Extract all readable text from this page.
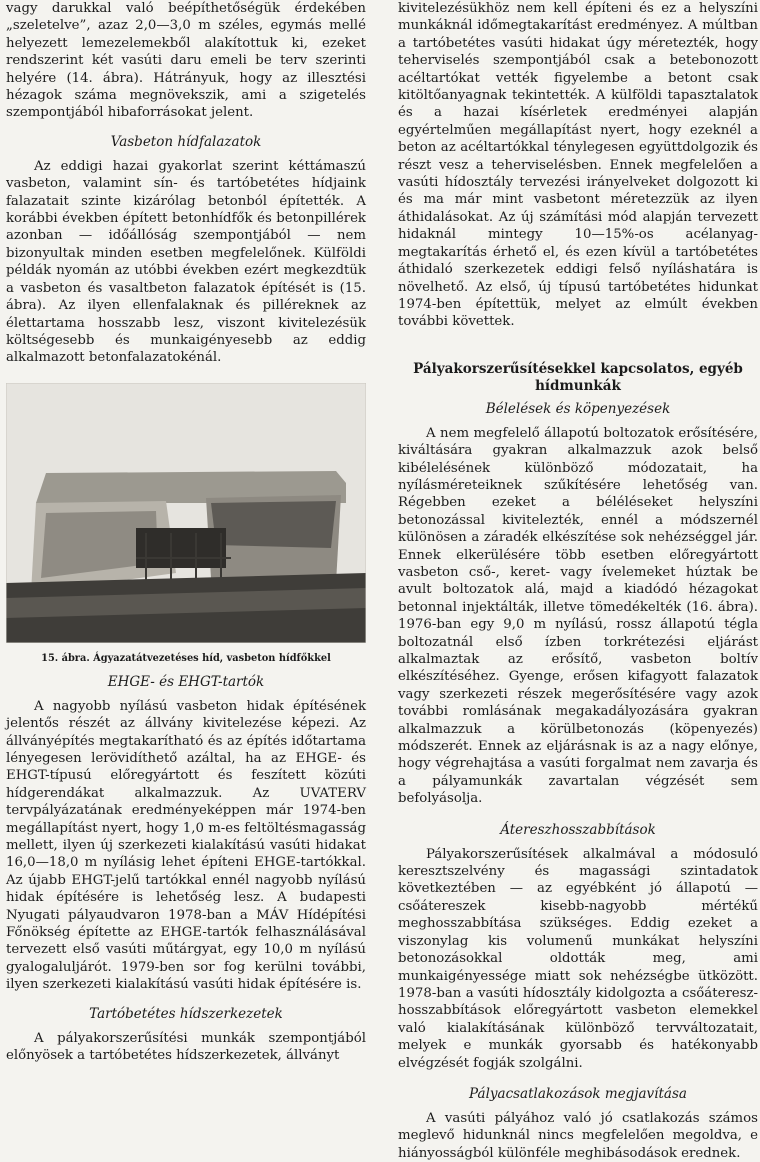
vagy darukkal való beépíthetőségük érdekében „szeletelve”, azaz 2,0—3,0 m széles, egymás mellé helyezett lemezelemekből alakítottuk ki, ezeket rendszerint két vasúti daru emeli be terv szerinti helyére (14. ábra). Hátrányuk, hogy az illesztési hézagok száma megnövekszik, ami a szigetelés szempontjából hibaforrásokat jelent.

Vasbeton hídfalazatok

Az eddigi hazai gyakorlat szerint kéttámaszú vasbeton, valamint sín- és tartóbetétes hídjaink falazatait szinte kizárólag betonból építették. A korábbi években épített betonhídfők és betonpillérek azonban — időállóság szempontjából — nem bizonyultak minden esetben megfelelőnek. Külföldi példák nyomán az utóbbi években ezért megkezdtük a vasbeton és vasaltbeton falazatok építését is (15. ábra). Az ilyen ellenfalaknak és pilléreknek az élettartama hosszabb lesz, viszont kivitelezésük költségesebb és munkaigényesebb az eddig alkalmazott betonfalazatokénál.

15. ábra. Ágyazatátvezetéses híd, vasbeton hídfőkkel
EHGE- és EHGT-tartók

A nagyobb nyílású vasbeton hidak építésének jelentős részét az állvány kivitelezése képezi. Az állványépítés megtakarítható és az építés időtartama lényegesen lerövidíthető azáltal, ha az EHGE- és EHGT-típusú előregyártott és feszített közúti hídgerendákat alkalmazzuk. Az UVATERV tervpályázatának eredményeképpen már 1974-ben megállapítást nyert, hogy 1,0 m-es feltöltésmagasság mellett, ilyen új szerkezeti kialakítású vasúti hidakat 16,0—18,0 m nyílásig lehet építeni EHGE-tartókkal. Az újabb EHGT-jelű tartókkal ennél nagyobb nyílású hidak építésére is lehetőség lesz. A budapesti Nyugati pályaudvaron 1978-ban a MÁV Hídépítési Főnökség építette az EHGE-tartók felhasználásával tervezett első vasúti műtárgyat, egy 10,0 m nyílású gyalogaluljárót. 1979-ben sor fog kerülni további, ilyen szerkezeti kialakítású vasúti hidak építésére is.

Tartóbetétes hídszerkezetek

A pályakorszerűsítési munkák szempontjából előnyösek a tartóbetétes hídszerkezetek, állványt

kivitelezésükhöz nem kell építeni és ez a helyszíni munkáknál időmegtakarítást eredményez. A múltban a tartóbetétes vasúti hidakat úgy méretezték, hogy teherviselés szempontjából csak a betebonozott acéltartókat vették figyelembe a betont csak kitöltőanyagnak tekintették. A külföldi tapasztalatok és a hazai kísérletek eredményei alapján egyértelműen megállapítást nyert, hogy ezeknél a beton az acéltartókkal ténylegesen együttdolgozik és részt vesz a teherviselésben. Ennek megfelelően a vasúti hídosztály tervezési irányelveket dolgozott ki és ma már mint vasbetont méretezzük az ilyen áthidalásokat. Az új számítási mód alapján tervezett hidaknál mintegy 10—15%-os acélanyag-megtakarítás érhető el, és ezen kívül a tartóbetétes áthidaló szerkezetek eddigi felső nyíláshatára is növelhető. Az első, új típusú tartóbetétes hidunkat 1974-ben építettük, melyet az elmúlt években további követtek.

Pályakorszerűsítésekkel kapcsolatos, egyéb hídmunkák
Bélelések és köpenyezések

A nem megfelelő állapotú boltozatok erősítésére, kiváltására gyakran alkalmazzuk azok belső kibélelésének különböző módozatait, ha nyílásméreteiknek szűkítésére lehetőség van. Régebben ezeket a béléléseket helyszíni betonozással kivitelezték, ennél a módszernél különösen a záradék elkészítése sok nehézséggel jár. Ennek elkerülésére több esetben előregyártott vasbeton cső-, keret- vagy ívelemeket húztak be avult boltozatok alá, majd a kiadódó hézagokat betonnal injektálták, illetve tömedékelték (16. ábra). 1976-ban egy 9,0 m nyílású, rossz állapotú tégla boltozatnál első ízben torkrétezési eljárást alkalmaztak az erősítő, vasbeton boltív elkészítéséhez. Gyenge, erősen kifagyott falazatok vagy szerkezeti részek megerősítésére vagy azok további romlásának megakadályozására gyakran alkalmazzuk a körülbetonozás (köpenyezés) módszerét. Ennek az eljárásnak is az a nagy előnye, hogy végrehajtása a vasúti forgalmat nem zavarja és a pályamunkák zavartalan végzését sem befolyásolja.

Átereszhosszabbítások

Pályakorszerűsítések alkalmával a módosuló keresztszelvény és magassági szintadatok következtében — az egyébként jó állapotú — csőátereszek kisebb-nagyobb mértékű meghosszabbítása szükséges. Eddig ezeket a viszonylag kis volumenű munkákat helyszíni betonozásokkal oldották meg, ami munkaigényessége miatt sok nehézségbe ütközött. 1978-ban a vasúti hídosztály kidolgozta a csőáteresz-hosszabbítások előregyártott vasbeton elemekkel való kialakításának különböző tervváltozatait, melyek e munkák gyorsabb és hatékonyabb elvégzését fogják szolgálni.

Pályacsatlakozások megjavítása

A vasúti pályához való jó csatlakozás számos meglevő hidunknál nincs megfelelően megoldva, e hiányosságból különféle meghibásodások erednek.
